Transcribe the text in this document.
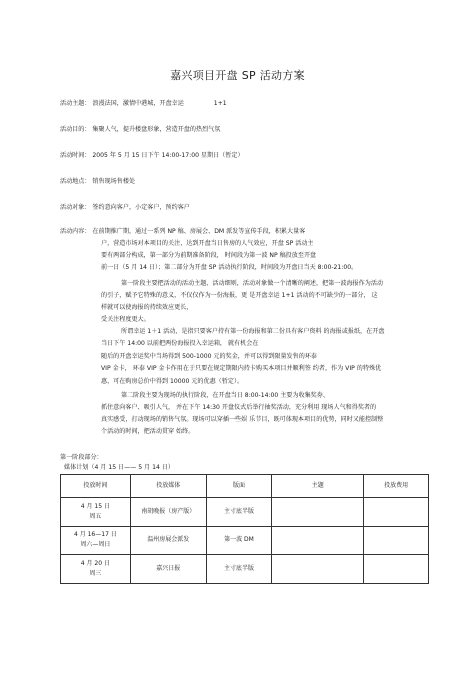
嘉兴项目开盘 SP 活动方案
活动主题： 浪漫法国，激情中港城，开盘幸运	1+1
活动目的： 集聚人气，提升楼盘形象，营造开盘的热烈气氛
活动时间： 2005 年 5 月 15 日下午 14:00-17:00 星期日（暂定）
活动地点： 销售现场售楼处
活动对象： 签约意向客户，小定客户，预约客户
活动内容： 在前期推广期，通过一系列 NP 稿、房展会、DM 派发等宣传手段，积累大量客
户，营造市场对本项目的关注，达到开盘当日售房的人气效应，开盘 SP 活动主
要有两部分构成，第一部分为前期准备阶段， 时间段为第一波 NP 稿投放至开盘
前一日（5 月 14 日）；第二部分为开盘 SP 活动执行阶段，时间段为开盘日当天 8:00-21:00。
第一阶段主要把活动的活动主题、活动细则，活动对象做一个清晰的阐述，把第一波海报作为活动
的引子，赋予它特殊的意义，不仅仅作为一份海报，更 是开盘幸运 1+1 活动的不可缺少的一部分， 这
样就可以使海报的持续效应更长，
受关注程度更大。
所谓幸运 1＋1 活动，是指只要客户持有第一份海报和第二份具有客户资料 的海报或报纸，在开盘
当日下午 14:00 以前把两份海报投入幸运箱， 就有机会在
随后的开盘幸运奖中当场得到 500-1000 元的奖金，并可以得到限量发售的环泰
VIP 金卡， 环泰 VIP 金卡作用在于只要在规定期限内持卡购买本项目并顺利签 约者，作为 VIP 的特殊优
惠，可在购房总价中得到 10000 元的优惠（暂定）。
第二阶段主要为现场的执行阶段，在开盘当日 8:00-14:00 主要为收集奖券、
抓住意向客户、吸引人气， 并在下午 14:30 开盘仪式后举行抽奖活动，充分利用 现场人气和得奖者的
真实感受，打动现场的销售气氛。现场可以穿插一些娱 乐节目，既可体现本项目的优势，同时又能控制整
个活动的时间，把活动贯穿 始终。
第一阶段部分：
媒体计划（4 月 15 日—— 5 月 14 日）
投放时间	投放媒体	版面	主题	投放费用

4 月 15 日
周五	南胡晚报（房产版）	主寸底半版		

4 月 16—17 日
周六—周日	温州房展会派发	第一波 DM		

4 月 20 日
周三	嘉兴日报	主寸底半版		
